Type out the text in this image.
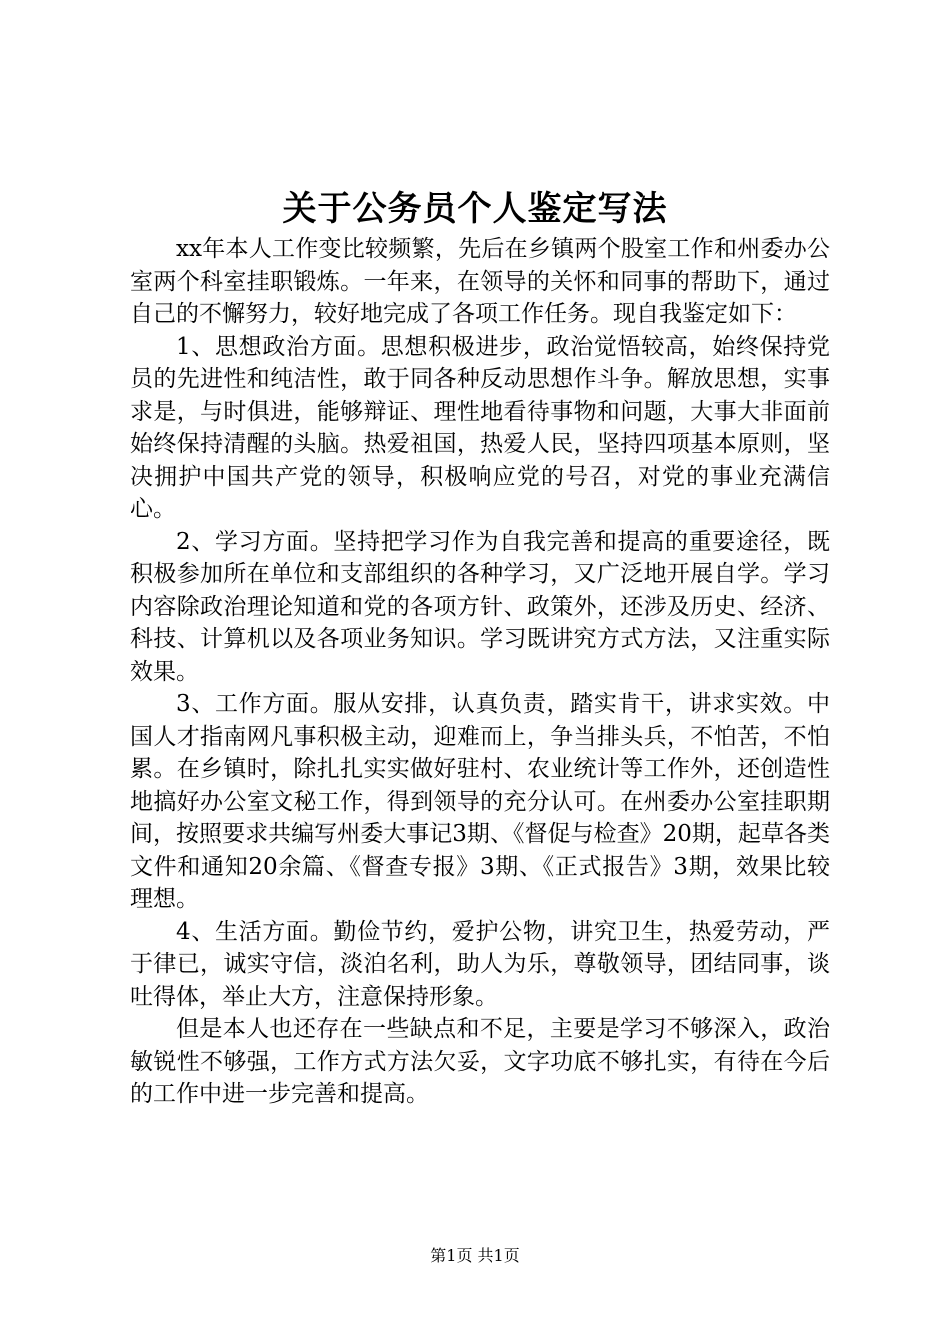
关于公务员个人鉴定写法

xx年本人工作变比较频繁，先后在乡镇两个股室工作和州委办公室两个科室挂职锻炼。一年来，在领导的关怀和同事的帮助下，通过自己的不懈努力，较好地完成了各项工作任务。现自我鉴定如下：

1、思想政治方面。思想积极进步，政治觉悟较高，始终保持党员的先进性和纯洁性，敢于同各种反动思想作斗争。解放思想，实事求是，与时俱进，能够辩证、理性地看待事物和问题，大事大非面前始终保持清醒的头脑。热爱祖国，热爱人民，坚持四项基本原则，坚决拥护中国共产党的领导，积极响应党的号召，对党的事业充满信心。

2、学习方面。坚持把学习作为自我完善和提高的重要途径，既积极参加所在单位和支部组织的各种学习，又广泛地开展自学。学习内容除政治理论知道和党的各项方针、政策外，还涉及历史、经济、科技、计算机以及各项业务知识。学习既讲究方式方法，又注重实际效果。

3、工作方面。服从安排，认真负责，踏实肯干，讲求实效。中国人才指南网凡事积极主动，迎难而上，争当排头兵，不怕苦，不怕累。在乡镇时，除扎扎实实做好驻村、农业统计等工作外，还创造性地搞好办公室文秘工作，得到领导的充分认可。在州委办公室挂职期间，按照要求共编写州委大事记3期、《督促与检查》20期，起草各类文件和通知20余篇、《督查专报》3期、《正式报告》3期，效果比较理想。

4、生活方面。勤俭节约，爱护公物，讲究卫生，热爱劳动，严于律已，诚实守信，淡泊名利，助人为乐，尊敬领导，团结同事，谈吐得体，举止大方，注意保持形象。

但是本人也还存在一些缺点和不足，主要是学习不够深入，政治敏锐性不够强，工作方式方法欠妥，文字功底不够扎实，有待在今后的工作中进一步完善和提高。

第1页 共1页
